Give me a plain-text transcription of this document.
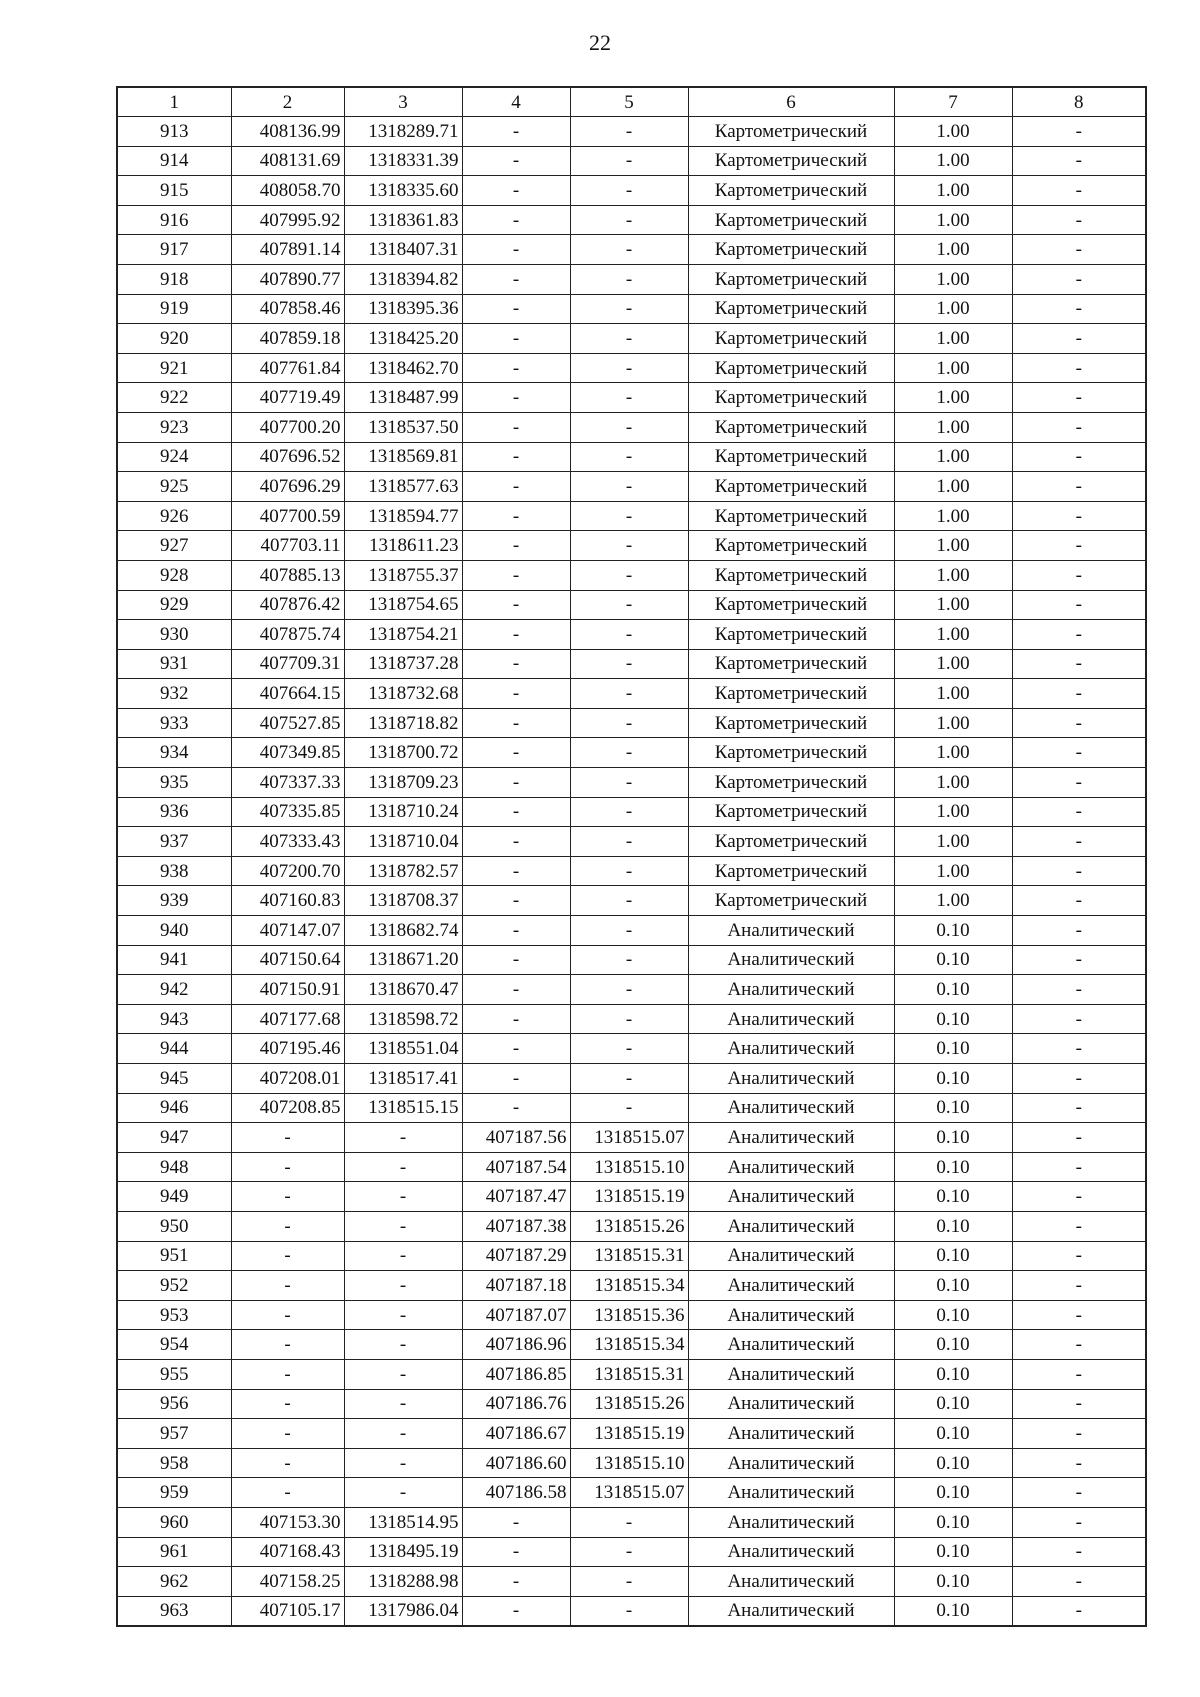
22
1	2	3	4	5	6	7	8
913	408136.99	1318289.71	-	-	Картометрический	1.00	-
914	408131.69	1318331.39	-	-	Картометрический	1.00	-
915	408058.70	1318335.60	-	-	Картометрический	1.00	-
916	407995.92	1318361.83	-	-	Картометрический	1.00	-
917	407891.14	1318407.31	-	-	Картометрический	1.00	-
918	407890.77	1318394.82	-	-	Картометрический	1.00	-
919	407858.46	1318395.36	-	-	Картометрический	1.00	-
920	407859.18	1318425.20	-	-	Картометрический	1.00	-
921	407761.84	1318462.70	-	-	Картометрический	1.00	-
922	407719.49	1318487.99	-	-	Картометрический	1.00	-
923	407700.20	1318537.50	-	-	Картометрический	1.00	-
924	407696.52	1318569.81	-	-	Картометрический	1.00	-
925	407696.29	1318577.63	-	-	Картометрический	1.00	-
926	407700.59	1318594.77	-	-	Картометрический	1.00	-
927	407703.11	1318611.23	-	-	Картометрический	1.00	-
928	407885.13	1318755.37	-	-	Картометрический	1.00	-
929	407876.42	1318754.65	-	-	Картометрический	1.00	-
930	407875.74	1318754.21	-	-	Картометрический	1.00	-
931	407709.31	1318737.28	-	-	Картометрический	1.00	-
932	407664.15	1318732.68	-	-	Картометрический	1.00	-
933	407527.85	1318718.82	-	-	Картометрический	1.00	-
934	407349.85	1318700.72	-	-	Картометрический	1.00	-
935	407337.33	1318709.23	-	-	Картометрический	1.00	-
936	407335.85	1318710.24	-	-	Картометрический	1.00	-
937	407333.43	1318710.04	-	-	Картометрический	1.00	-
938	407200.70	1318782.57	-	-	Картометрический	1.00	-
939	407160.83	1318708.37	-	-	Картометрический	1.00	-
940	407147.07	1318682.74	-	-	Аналитический	0.10	-
941	407150.64	1318671.20	-	-	Аналитический	0.10	-
942	407150.91	1318670.47	-	-	Аналитический	0.10	-
943	407177.68	1318598.72	-	-	Аналитический	0.10	-
944	407195.46	1318551.04	-	-	Аналитический	0.10	-
945	407208.01	1318517.41	-	-	Аналитический	0.10	-
946	407208.85	1318515.15	-	-	Аналитический	0.10	-
947	-	-	407187.56	1318515.07	Аналитический	0.10	-
948	-	-	407187.54	1318515.10	Аналитический	0.10	-
949	-	-	407187.47	1318515.19	Аналитический	0.10	-
950	-	-	407187.38	1318515.26	Аналитический	0.10	-
951	-	-	407187.29	1318515.31	Аналитический	0.10	-
952	-	-	407187.18	1318515.34	Аналитический	0.10	-
953	-	-	407187.07	1318515.36	Аналитический	0.10	-
954	-	-	407186.96	1318515.34	Аналитический	0.10	-
955	-	-	407186.85	1318515.31	Аналитический	0.10	-
956	-	-	407186.76	1318515.26	Аналитический	0.10	-
957	-	-	407186.67	1318515.19	Аналитический	0.10	-
958	-	-	407186.60	1318515.10	Аналитический	0.10	-
959	-	-	407186.58	1318515.07	Аналитический	0.10	-
960	407153.30	1318514.95	-	-	Аналитический	0.10	-
961	407168.43	1318495.19	-	-	Аналитический	0.10	-
962	407158.25	1318288.98	-	-	Аналитический	0.10	-
963	407105.17	1317986.04	-	-	Аналитический	0.10	-
